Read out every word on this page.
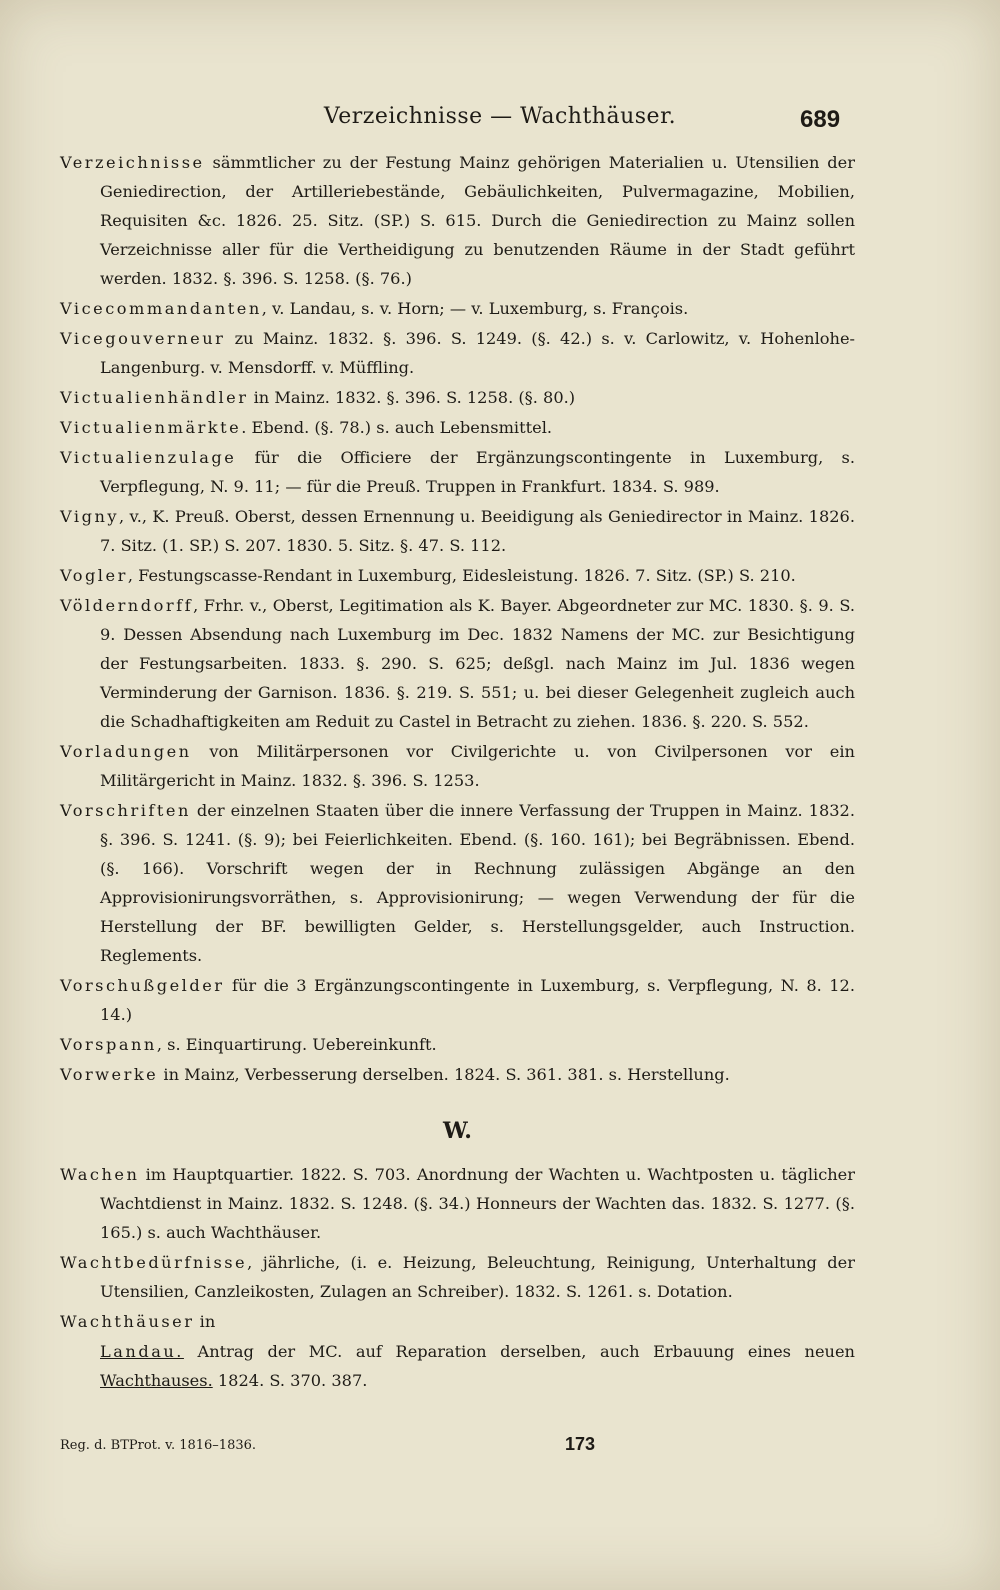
Verzeichnisse — Wachthäuser.	689

Verzeichnisse sämmtlicher zu der Festung Mainz gehörigen Materialien u. Utensilien der Geniedirection, der Artilleriebestände, Gebäulichkeiten, Pulvermagazine, Mobilien, Requisiten &c. 1826. 25. Sitz. (SP.) S. 615. Durch die Geniedirection zu Mainz sollen Verzeichnisse aller für die Vertheidigung zu benutzenden Räume in der Stadt geführt werden. 1832. §. 396. S. 1258. (§. 76.)

Vicecommandanten, v. Landau, s. v. Horn; — v. Luxemburg, s. François.

Vicegouverneur zu Mainz. 1832. §. 396. S. 1249. (§. 42.) s. v. Carlowitz, v. Hohenlohe-Langenburg. v. Mensdorff. v. Müffling.

Victualienhändler in Mainz. 1832. §. 396. S. 1258. (§. 80.)

Victualienmärkte. Ebend. (§. 78.) s. auch Lebensmittel.

Victualienzulage für die Officiere der Ergänzungscontingente in Luxemburg, s. Verpflegung, N. 9. 11; — für die Preuß. Truppen in Frankfurt. 1834. S. 989.

Vigny, v., K. Preuß. Oberst, dessen Ernennung u. Beeidigung als Geniedirector in Mainz. 1826. 7. Sitz. (1. SP.) S. 207. 1830. 5. Sitz. §. 47. S. 112.

Vogler, Festungscasse-Rendant in Luxemburg, Eidesleistung. 1826. 7. Sitz. (SP.) S. 210.

Völderndorff, Frhr. v., Oberst, Legitimation als K. Bayer. Abgeordneter zur MC. 1830. §. 9. S. 9. Dessen Absendung nach Luxemburg im Dec. 1832 Namens der MC. zur Besichtigung der Festungsarbeiten. 1833. §. 290. S. 625; deßgl. nach Mainz im Jul. 1836 wegen Verminderung der Garnison. 1836. §. 219. S. 551; u. bei dieser Gelegenheit zugleich auch die Schadhaftigkeiten am Reduit zu Castel in Betracht zu ziehen. 1836. §. 220. S. 552.

Vorladungen von Militärpersonen vor Civilgerichte u. von Civilpersonen vor ein Militärgericht in Mainz. 1832. §. 396. S. 1253.

Vorschriften der einzelnen Staaten über die innere Verfassung der Truppen in Mainz. 1832. §. 396. S. 1241. (§. 9); bei Feierlichkeiten. Ebend. (§. 160. 161); bei Begräbnissen. Ebend. (§. 166). Vorschrift wegen der in Rechnung zulässigen Abgänge an den Approvisionirungsvorräthen, s. Approvisionirung; — wegen Verwendung der für die Herstellung der BF. bewilligten Gelder, s. Herstellungsgelder, auch Instruction. Reglements.

Vorschußgelder für die 3 Ergänzungscontingente in Luxemburg, s. Verpflegung, N. 8. 12. 14.)

Vorspann, s. Einquartirung. Uebereinkunft.

Vorwerke in Mainz, Verbesserung derselben. 1824. S. 361. 381. s. Herstellung.

W.

Wachen im Hauptquartier. 1822. S. 703. Anordnung der Wachten u. Wachtposten u. täglicher Wachtdienst in Mainz. 1832. S. 1248. (§. 34.) Honneurs der Wachten das. 1832. S. 1277. (§. 165.) s. auch Wachthäuser.

Wachtbedürfnisse, jährliche, (i. e. Heizung, Beleuchtung, Reinigung, Unterhaltung der Utensilien, Canzleikosten, Zulagen an Schreiber). 1832. S. 1261. s. Dotation.

Wachthäuser in

Landau. Antrag der MC. auf Reparation derselben, auch Erbauung eines neuen Wachthauses. 1824. S. 370. 387.

Reg. d. BTProt. v. 1816–1836.	173
